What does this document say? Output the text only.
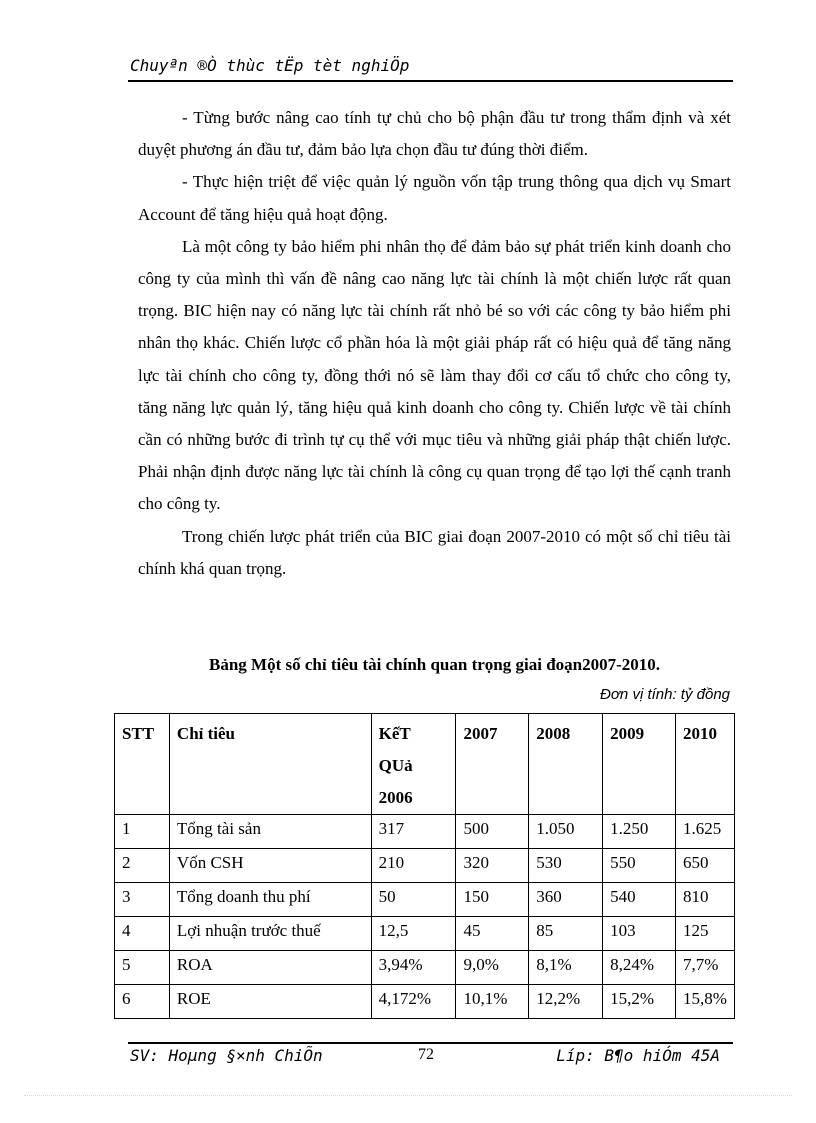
Chuyªn ®Ò thùc tËp tèt nghiÖp

- Từng bước nâng cao tính tự chủ cho bộ phận đầu tư trong thẩm định và xét duyệt phương án đầu tư, đảm bảo lựa chọn đầu tư đúng thời điểm.

- Thực hiện triệt để việc quản lý nguồn vốn tập trung thông qua dịch vụ Smart Account để tăng hiệu quả hoạt động.

Là một công ty bảo hiểm phi nhân thọ để đảm bảo sự phát triển kinh doanh cho công ty của mình thì vấn đề nâng cao năng lực tài chính là một chiến lược rất quan trọng. BIC hiện nay có năng lực tài chính rất nhỏ bé so với các công ty bảo hiểm phi nhân thọ khác. Chiến lược cổ phần hóa là một giải pháp rất có hiệu quả để tăng năng lực tài chính cho công ty, đồng thới nó sẽ làm thay đổi cơ cấu tổ chức cho công ty, tăng năng lực quản lý, tăng hiệu quả kinh doanh cho công ty. Chiến lược về tài chính cần có những bước đi trình tự cụ thể với mục tiêu và những giải pháp thật chiến lược. Phải nhận định được năng lực tài chính là công cụ quan trọng để tạo lợi thế cạnh tranh cho công ty.

Trong chiến lược phát triển của BIC giai đoạn 2007-2010 có một số chỉ tiêu tài chính khá quan trọng.

Bảng Một số chỉ tiêu tài chính quan trọng giai đoạn2007-2010.
Đơn vị tính: tỷ đồng
STT	Chỉ tiêu	KếT QUả 2006	2007	2008	2009	2010
1	Tổng tài sản	317	500	1.050	1.250	1.625
2	Vốn CSH	210	320	530	550	650
3	Tổng doanh thu phí	50	150	360	540	810
4	Lợi nhuận trước thuế	12,5	45	85	103	125
5	ROA	3,94%	9,0%	8,1%	8,24%	7,7%
6	ROE	4,172%	10,1%	12,2%	15,2%	15,8%
SV: Hoµng §×nh ChiÕn	72	Líp: B¶o hiÓm 45A
